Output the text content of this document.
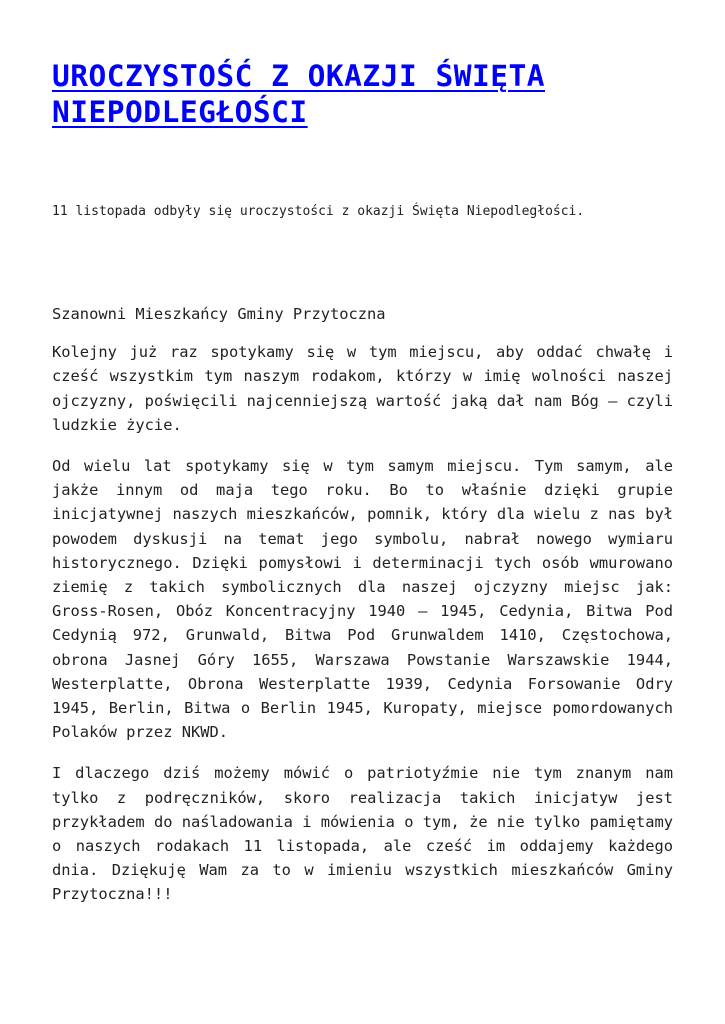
UROCZYSTOŚĆ Z OKAZJI ŚWIĘTA NIEPODLEGŁOŚCI

11 listopada odbyły się uroczystości z okazji Święta Niepodległości.

Szanowni Mieszkańcy Gminy Przytoczna

Kolejny już raz spotykamy się w tym miejscu, aby oddać chwałę i cześć wszystkim tym naszym rodakom, którzy w imię wolności naszej ojczyzny, poświęcili najcenniejszą wartość jaką dał nam Bóg – czyli ludzkie życie.

Od wielu lat spotykamy się w tym samym miejscu. Tym samym, ale jakże innym od maja tego roku. Bo to właśnie dzięki grupie inicjatywnej naszych mieszkańców, pomnik, który dla wielu z nas był powodem dyskusji na temat jego symbolu, nabrał nowego wymiaru historycznego. Dzięki pomysłowi i determinacji tych osób wmurowano ziemię z takich symbolicznych dla naszej ojczyzny miejsc jak: Gross-Rosen, Obóz Koncentracyjny 1940 – 1945, Cedynia, Bitwa Pod Cedynią 972, Grunwald, Bitwa Pod Grunwaldem 1410, Częstochowa, obrona Jasnej Góry 1655, Warszawa Powstanie Warszawskie 1944, Westerplatte, Obrona Westerplatte 1939, Cedynia Forsowanie Odry 1945, Berlin, Bitwa o Berlin 1945, Kuropaty, miejsce pomordowanych Polaków przez NKWD.

I dlaczego dziś możemy mówić o patriotyźmie nie tym znanym nam tylko z podręczników, skoro realizacja takich inicjatyw jest przykładem do naśladowania i mówienia o tym, że nie tylko pamiętamy o naszych rodakach 11 listopada, ale cześć im oddajemy każdego dnia. Dziękuję Wam za to w imieniu wszystkich mieszkańców Gminy Przytoczna!!!
